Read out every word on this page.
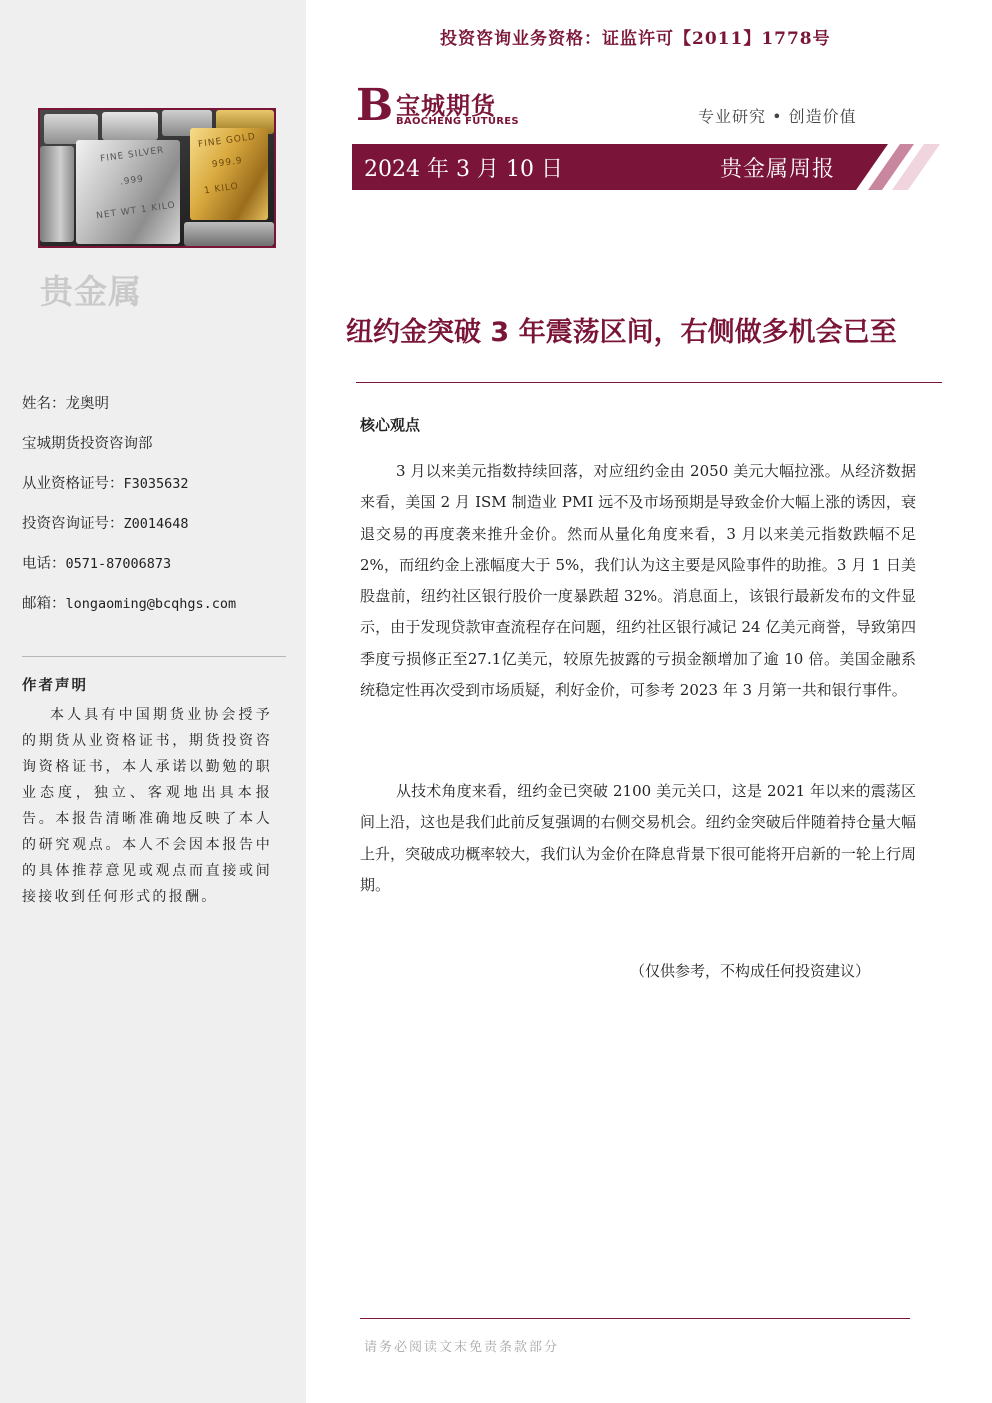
FINE SILVER
.999
NET WT 1 KILO
FINE GOLD
999.9
1 KILO
贵金属
姓名：龙奥明
宝城期货投资咨询部
从业资格证号：F3035632
投资咨询证号：Z0014648
电话：0571-87006873
邮箱：longaoming@bcqhgs.com
作者声明
本人具有中国期货业协会授予的期货从业资格证书，期货投资咨询资格证书，本人承诺以勤勉的职业态度，独立、客观地出具本报告。本报告清晰准确地反映了本人的研究观点。本人不会因本报告中的具体推荐意见或观点而直接或间接接收到任何形式的报酬。
投资咨询业务资格：证监许可【2011】1778号
B 宝城期货
BAOCHENG FUTURES	专业研究 • 创造价值
2024 年 3 月 10 日	贵金属周报
纽约金突破 3 年震荡区间，右侧做多机会已至
核心观点

3 月以来美元指数持续回落，对应纽约金由 2050 美元大幅拉涨。从经济数据来看，美国 2 月 ISM 制造业 PMI 远不及市场预期是导致金价大幅上涨的诱因，衰退交易的再度袭来推升金价。然而从量化角度来看，3 月以来美元指数跌幅不足 2%，而纽约金上涨幅度大于 5%，我们认为这主要是风险事件的助推。3 月 1 日美股盘前，纽约社区银行股价一度暴跌超 32%。消息面上，该银行最新发布的文件显示，由于发现贷款审查流程存在问题，纽约社区银行减记 24 亿美元商誉，导致第四季度亏损修正至27.1亿美元，较原先披露的亏损金额增加了逾 10 倍。美国金融系统稳定性再次受到市场质疑，利好金价，可参考 2023 年 3 月第一共和银行事件。

从技术角度来看，纽约金已突破 2100 美元关口，这是 2021 年以来的震荡区间上沿，这也是我们此前反复强调的右侧交易机会。纽约金突破后伴随着持仓量大幅上升，突破成功概率较大，我们认为金价在降息背景下很可能将开启新的一轮上行周期。

（仅供参考，不构成任何投资建议）
请务必阅读文末免责条款部分
